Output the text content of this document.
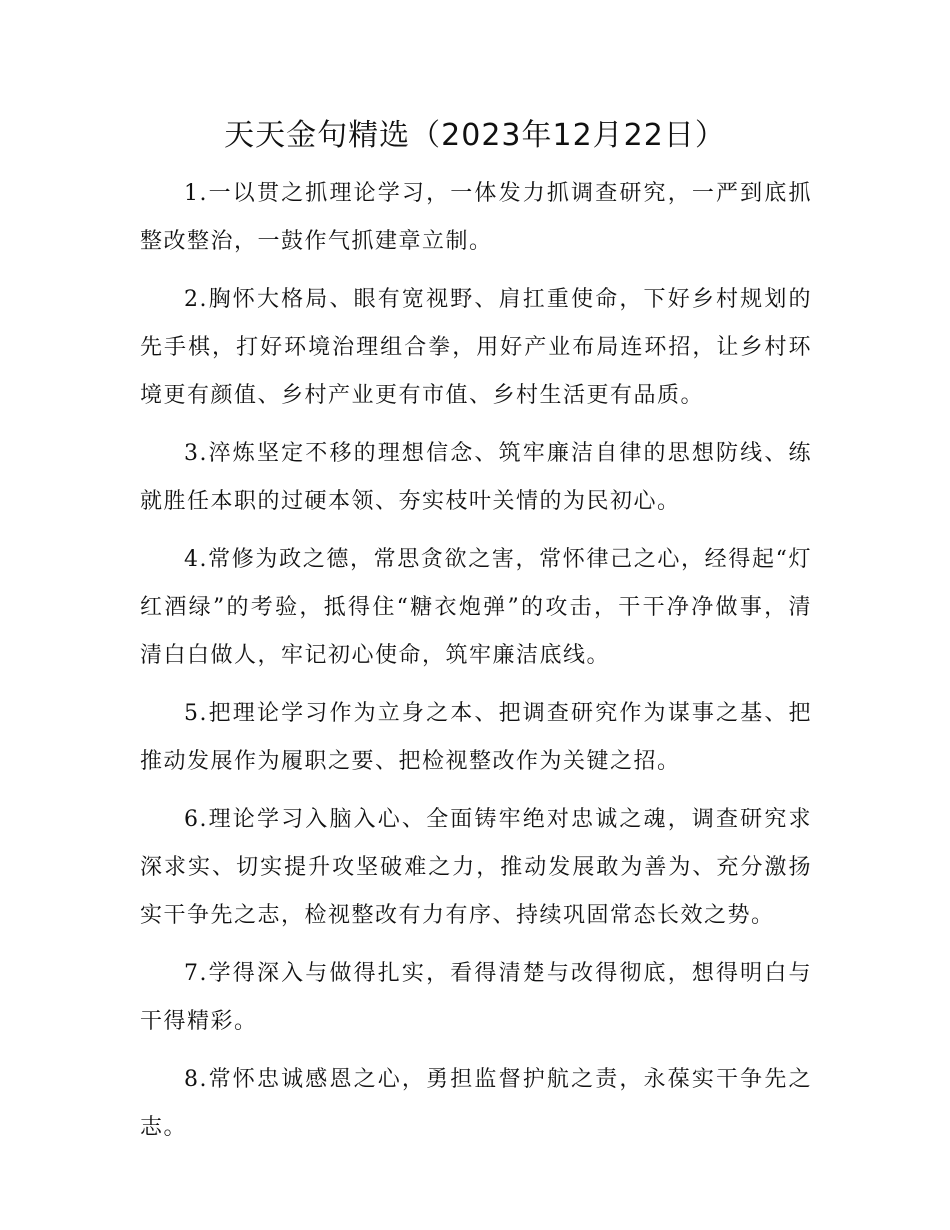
天天金句精选（2023年12月22日）

1.一以贯之抓理论学习，一体发力抓调查研究，一严到底抓整改整治，一鼓作气抓建章立制。

2.胸怀大格局、眼有宽视野、肩扛重使命，下好乡村规划的先手棋，打好环境治理组合拳，用好产业布局连环招，让乡村环境更有颜值、乡村产业更有市值、乡村生活更有品质。

3.淬炼坚定不移的理想信念、筑牢廉洁自律的思想防线、练就胜任本职的过硬本领、夯实枝叶关情的为民初心。

4.常修为政之德，常思贪欲之害，常怀律己之心，经得起“灯红酒绿”的考验，抵得住“糖衣炮弹”的攻击，干干净净做事，清清白白做人，牢记初心使命，筑牢廉洁底线。

5.把理论学习作为立身之本、把调查研究作为谋事之基、把推动发展作为履职之要、把检视整改作为关键之招。

6.理论学习入脑入心、全面铸牢绝对忠诚之魂，调查研究求深求实、切实提升攻坚破难之力，推动发展敢为善为、充分激扬实干争先之志，检视整改有力有序、持续巩固常态长效之势。

7.学得深入与做得扎实，看得清楚与改得彻底，想得明白与干得精彩。

8.常怀忠诚感恩之心，勇担监督护航之责，永葆实干争先之志。
